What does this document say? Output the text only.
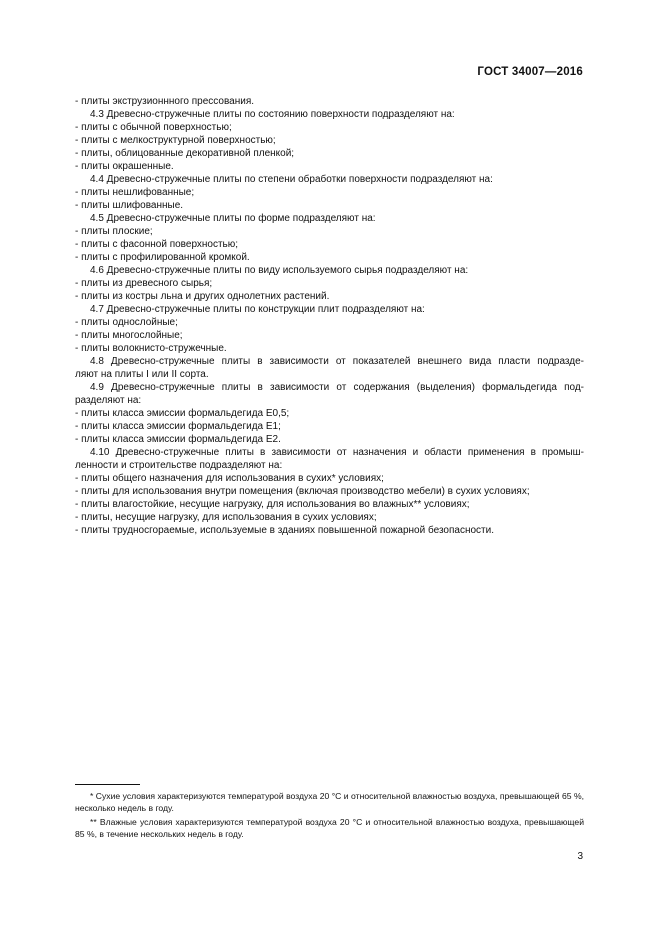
ГОСТ 34007—2016
- плиты экструзионнного прессования.
4.3 Древесно-стружечные плиты по состоянию поверхности подразделяют на:
- плиты с обычной поверхностью;
- плиты с мелкоструктурной поверхностью;
- плиты, облицованные декоративной пленкой;
- плиты окрашенные.
4.4 Древесно-стружечные плиты по степени обработки поверхности подразделяют на:
- плиты нешлифованные;
- плиты шлифованные.
4.5 Древесно-стружечные плиты по форме подразделяют на:
- плиты плоские;
- плиты с фасонной поверхностью;
- плиты с профилированной кромкой.
4.6 Древесно-стружечные плиты по виду используемого сырья подразделяют на:
- плиты из древесного сырья;
- плиты из костры льна и других однолетних растений.
4.7 Древесно-стружечные плиты по конструкции плит подразделяют на:
- плиты однослойные;
- плиты многослойные;
- плиты волокнисто-стружечные.
4.8 Древесно-стружечные плиты в зависимости от показателей внешнего вида пласти подразде-
ляют на плиты I или II сорта.
4.9 Древесно-стружечные плиты в зависимости от содержания (выделения) формальдегида под-
разделяют на:
- плиты класса эмиссии формальдегида Е0,5;
- плиты класса эмиссии формальдегида Е1;
- плиты класса эмиссии формальдегида Е2.
4.10 Древесно-стружечные плиты в зависимости от назначения и области применения в промыш-
ленности и строительстве подразделяют на:
- плиты общего назначения для использования в сухих* условиях;
- плиты для использования внутри помещения (включая производство мебели) в сухих условиях;
- плиты влагостойкие, несущие нагрузку, для использования во влажных** условиях;
- плиты, несущие нагрузку, для использования в сухих условиях;
- плиты трудносгораемые, используемые в зданиях повышенной пожарной безопасности.
* Сухие условия характеризуются температурой воздуха 20 °С и относительной влажностью воздуха, превышающей 65 %, несколько недель в году.
** Влажные условия характеризуются температурой воздуха 20 °С и относительной влажностью воздуха, превышающей 85 %, в течение нескольких недель в году.
3
